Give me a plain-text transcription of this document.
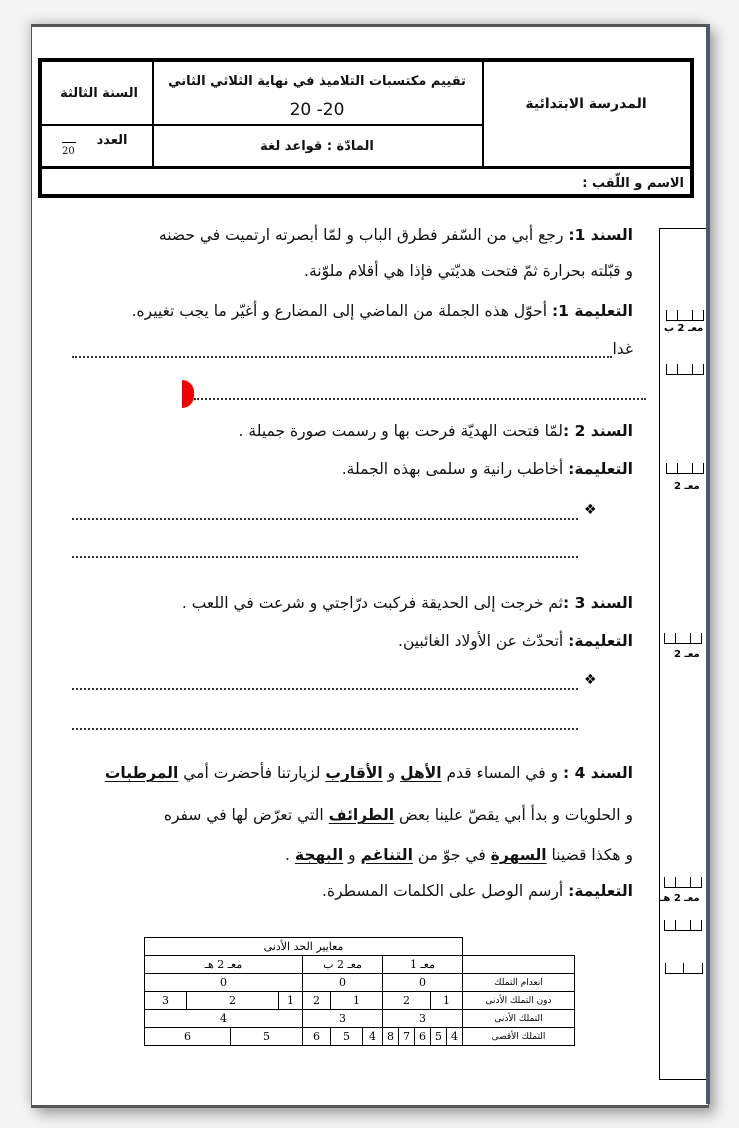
المدرسة الابتدائية
تقييم مكتسبات التلاميذ في نهاية الثلاثي الثاني
20 -20
المادّة : قواعد لغة
السنة الثالثة
العدد
20
الاسم و اللّقب :
السند 1: رجع أبي من السّفر فطرق الباب و لمّا أبصرته ارتميت في حضنه
و قبّلته بحرارة ثمّ فتحت هديّتي فإذا هي أقلام ملوّنة.
التعليمة 1: أحوّل هذه الجملة من الماضي إلى المضارع و أغيّر ما يجب تغييره.
غدا
السند 2 :لمّا فتحت الهديّة فرحت بها و رسمت صورة جميلة .
التعليمة: أخاطب رانية و سلمى بهذه الجملة.
❖
السند 3 :ثم خرجت إلى الحديقة فركبت درّاجتي و شرعت في اللعب .
التعليمة: أتحدّث عن الأولاد الغائبين.
❖
السند 4 : و في المساء قدم الأهل و الأقارب لزيارتنا فأحضرت أمي المرطبات
و الحلويات و بدأ أبي يقصّ علينا بعض الطرائف التي تعرّض لها في سفره
و هكذا قضينا السهرة في جوّ من التناغم و البهجة .
التعليمة: أرسم الوصل على الكلمات المسطرة.
معـ 2 ب
معـ 2
معـ 2
معـ 2 هـ
	معايير الحد الأدنى											
	معـ 1					معـ 2 ب			معـ 2 هـ			
انعدام التملك	0					0			0			
دون التملك الأدنى	1		2			1		2	1	2		3
التملك الأدنى	3					3			4			
التملك الأقصى	4	5	6	7	8	4	5	6	5		6	
